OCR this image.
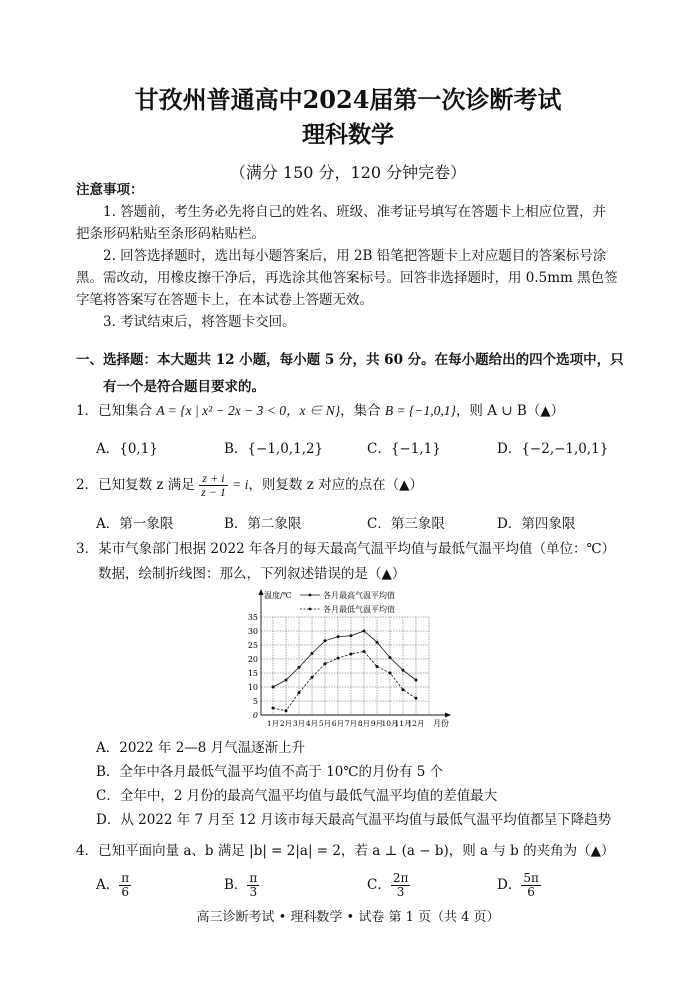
甘孜州普通高中2024届第一次诊断考试
理科数学
（满分 150 分，120 分钟完卷）
注意事项：
1. 答题前，考生务必先将自己的姓名、班级、准考证号填写在答题卡上相应位置，并
把条形码粘贴至条形码粘贴栏。
2. 回答选择题时，选出每小题答案后，用 2B 铅笔把答题卡上对应题目的答案标号涂
黑。需改动，用橡皮擦干净后，再选涂其他答案标号。回答非选择题时，用 0.5mm 黑色签
字笔将答案写在答题卡上，在本试卷上答题无效。
3. 考试结束后，将答题卡交回。
一、选择题：本大题共 12 小题，每小题 5 分，共 60 分。在每小题给出的四个选项中，只
有一个是符合题目要求的。
1．已知集合 A = {x | x² − 2x − 3 < 0，x ∈ N}，集合 B = {−1,0,1}，则 A ∪ B（▲）
A．{0,1}	B．{−1,0,1,2}	C．{−1,1}	D．{−2,−1,0,1}
2．已知复数 z 满足 $\frac{z + i}{z - 1} = i$，则复数 z 对应的点在（▲）
A．第一象限	B．第二象限	C．第三象限	D．第四象限
3．某市气象部门根据 2022 年各月的每天最高气温平均值与最低气温平均值（单位：℃）
数据，绘制折线图：那么，下列叙述错误的是（▲）
温度/℃
月份
各月最高气温平均值
各月最低气温平均值
0
5
10
15
20
25
30
35
1月 2月 3月 4月 5月 6月 7月 8月 9月
10月
11月
12月
A．2022 年 2—8 月气温逐渐上升
B．全年中各月最低气温平均值不高于 10℃的月份有 5 个
C．全年中，2 月份的最高气温平均值与最低气温平均值的差值最大
D．从 2022 年 7 月至 12 月该市每天最高气温平均值与最低气温平均值都呈下降趋势
4．已知平面向量 a、b 满足 |b| = 2|a| = 2，若 a ⊥ (a − b)，则 a 与 b 的夹角为（▲）
A． $\frac{\pi}{6}$	B． $\frac{\pi}{3}$	C． $\frac{2\pi}{3}$	D． $\frac{5\pi}{6}$
高三诊断考试 • 理科数学 • 试卷 第 1 页（共 4 页）
